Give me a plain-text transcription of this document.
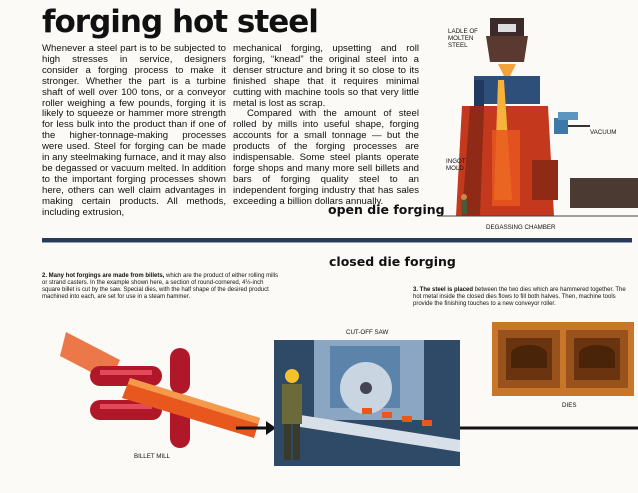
forging hot steel

Whenever a steel part is to be subjected to high stresses in service, designers consider a forging process to make it stronger. Whether the part is a turbine shaft of well over 100 tons, or a conveyor roller weighing a few pounds, forging it is likely to squeeze or hammer more strength for less bulk into the product than if one of the higher-tonnage-making processes were used. Steel for forging can be made in any steelmaking furnace, and it may also be degassed or vacuum melted. In addition to the important forging processes shown here, others can well claim advantages in making certain products. All methods, including extrusion,

mechanical forging, upsetting and roll forging, “knead” the original steel into a denser structure and bring it so close to its finished shape that it requires minimal cutting with machine tools so that very little metal is lost as scrap.

Compared with the amount of steel rolled by mills into useful shape, forging accounts for a small tonnage — but the products of the forging processes are indispensable. Some steel plants operate forge shops and many more sell billets and bars of forging quality steel to an independent forging industry that has sales exceeding a billion dollars annually.

open die forging
LADLE OF MOLTEN STEEL
VACUUM
INGOT MOLD
DEGASSING CHAMBER
closed die forging
2. Many hot forgings are made from billets, which are the product of either rolling mills or strand casters. In the example shown here, a section of round-cornered, 4½-inch square billet is cut by the saw. Special dies, with the half shape of the desired product machined into each, are set for use in a steam hammer.
3. The steel is placed between the two dies which are hammered together. The hot metal inside the closed dies flows to fill both halves. Then, machine tools provide the finishing touches to a new conveyor roller.
BILLET MILL
CUT-OFF SAW
DIES
